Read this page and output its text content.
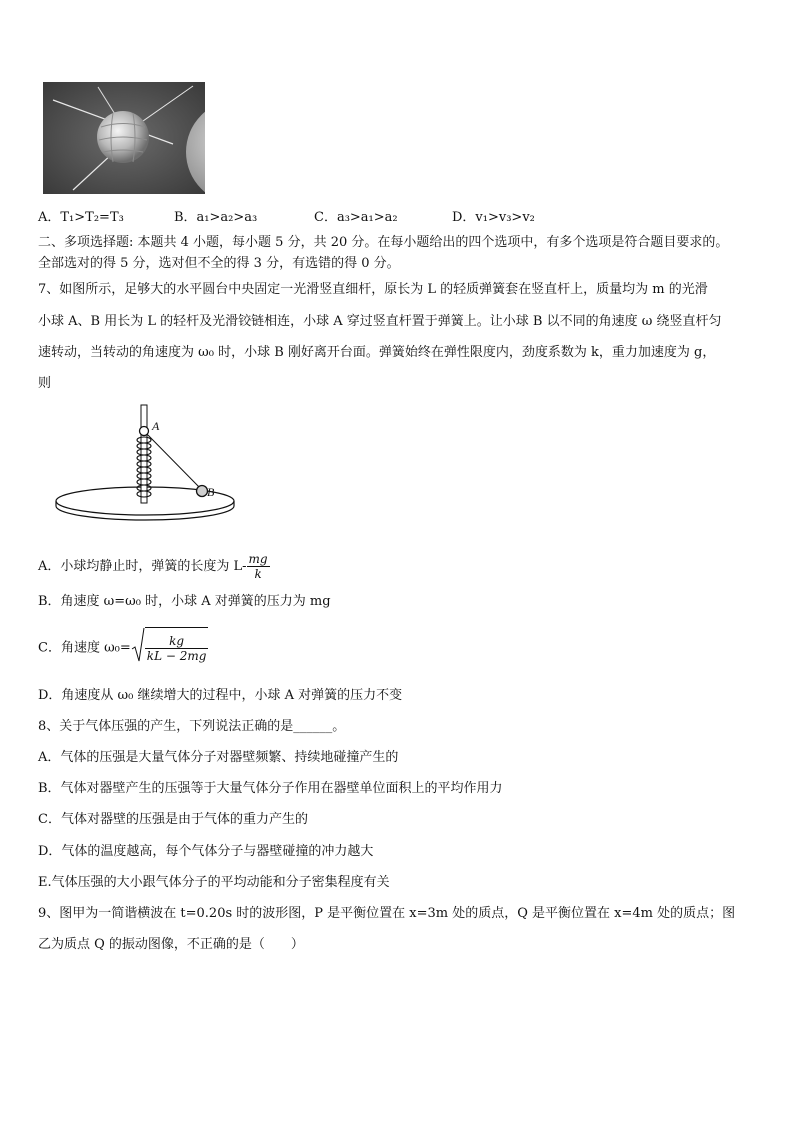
A．T₁>T₂=T₃	B．a₁>a₂>a₃	C．a₃>a₁>a₂	D．v₁>v₃>v₂
二、多项选择题: 本题共 4 小题，每小题 5 分，共 20 分。在每小题给出的四个选项中，有多个选项是符合题目要求的。
全部选对的得 5 分，选对但不全的得 3 分，有选错的得 0 分。
7、如图所示，足够大的水平圆台中央固定一光滑竖直细杆，原长为 L 的轻质弹簧套在竖直杆上，质量均为 m 的光滑
小球 A、B 用长为 L 的轻杆及光滑铰链相连，小球 A 穿过竖直杆置于弹簧上。让小球 B 以不同的角速度 ω 绕竖直杆匀
速转动，当转动的角速度为 ω₀ 时，小球 B 刚好离开台面。弹簧始终在弹性限度内，劲度系数为 k，重力加速度为 g，
则
A
B
A．小球均静止时，弹簧的长度为 $L- \frac{mg}{k}$
B．角速度 ω=ω₀ 时，小球 A 对弹簧的压力为 mg
C．角速度 $\omega_0= \frac{kg}{kL - 2mg}$
D．角速度从 ω₀ 继续增大的过程中，小球 A 对弹簧的压力不变
8、关于气体压强的产生，下列说法正确的是______。
A．气体的压强是大量气体分子对器壁频繁、持续地碰撞产生的
B．气体对器壁产生的压强等于大量气体分子作用在器壁单位面积上的平均作用力
C．气体对器壁的压强是由于气体的重力产生的
D．气体的温度越高，每个气体分子与器壁碰撞的冲力越大
E.气体压强的大小跟气体分子的平均动能和分子密集程度有关
9、图甲为一简谐横波在 t=0.20s 时的波形图，P 是平衡位置在 x=3m 处的质点，Q 是平衡位置在 x=4m 处的质点；图
乙为质点 Q 的振动图像，不正确的是（　　）
